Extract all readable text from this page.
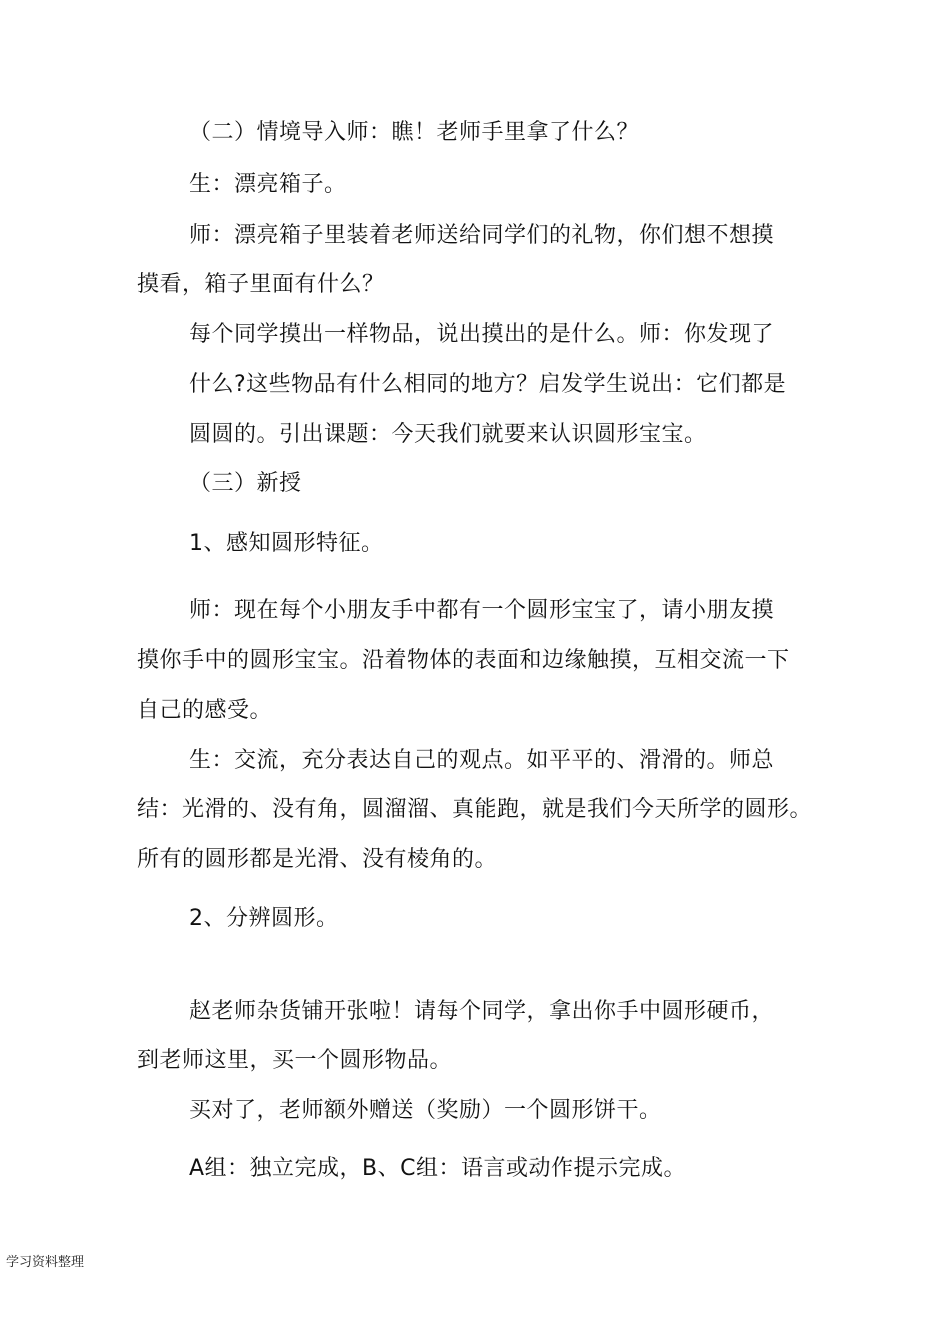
（二）情境导入师：瞧！老师手里拿了什么？
生：漂亮箱子。
师：漂亮箱子里装着老师送给同学们的礼物，你们想不想摸
摸看，箱子里面有什么？
每个同学摸出一样物品，说出摸出的是什么。师：你发现了
什么?这些物品有什么相同的地方？启发学生说出：它们都是
圆圆的。引出课题：今天我们就要来认识圆形宝宝。
（三）新授
1、感知圆形特征。
师：现在每个小朋友手中都有一个圆形宝宝了，请小朋友摸
摸你手中的圆形宝宝。沿着物体的表面和边缘触摸，互相交流一下
自己的感受。
生：交流，充分表达自己的观点。如平平的、滑滑的。师总
结：光滑的、没有角，圆溜溜、真能跑，就是我们今天所学的圆形。
所有的圆形都是光滑、没有棱角的。
2、分辨圆形。
赵老师杂货铺开张啦！请每个同学，拿出你手中圆形硬币，
到老师这里，买一个圆形物品。
买对了，老师额外赠送（奖励）一个圆形饼干。
A组：独立完成，B、C组：语言或动作提示完成。
学习资料整理
